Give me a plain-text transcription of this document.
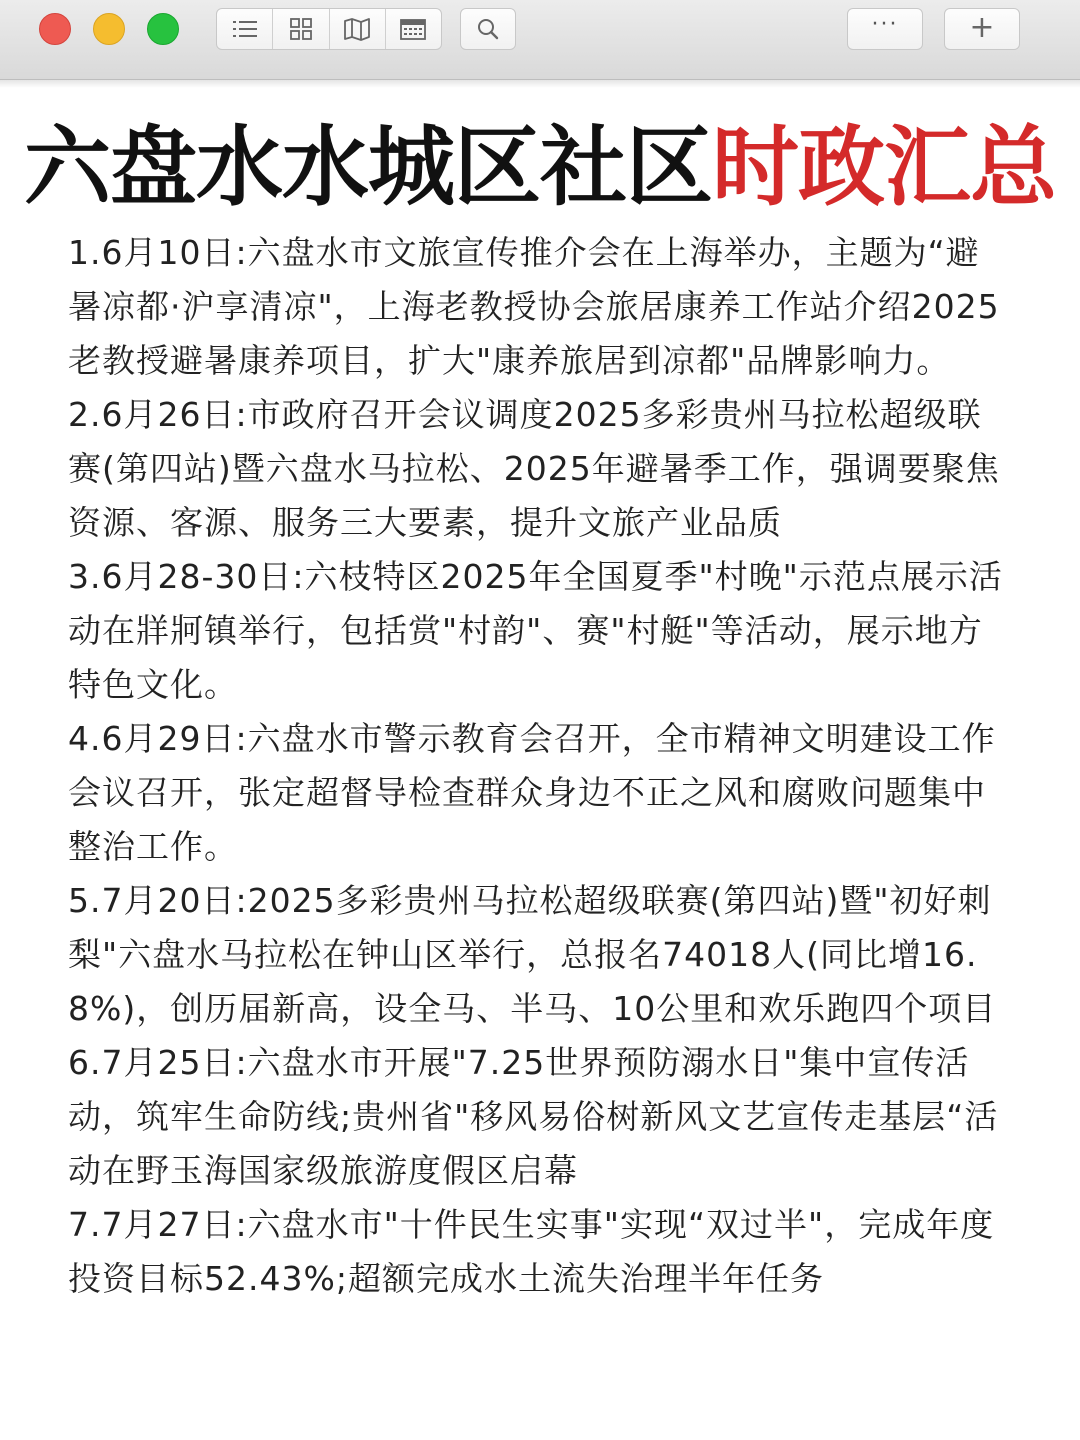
··· +
六盘水水城区社区时政汇总

1.6月10日:六盘水市文旅宣传推介会在上海举办，主题为“避暑凉都·沪享清凉"，上海老教授协会旅居康养工作站介绍2025老教授避暑康养项目，扩大"康养旅居到凉都"品牌影响力。

2.6月26日:市政府召开会议调度2025多彩贵州马拉松超级联赛(第四站)暨六盘水马拉松、2025年避暑季工作，强调要聚焦资源、客源、服务三大要素，提升文旅产业品质

3.6月28-30日:六枝特区2025年全国夏季"村晚"示范点展示活动在牂牁镇举行，包括赏"村韵"、赛"村艇"等活动，展示地方特色文化。

4.6月29日:六盘水市警示教育会召开，全市精神文明建设工作会议召开，张定超督导检查群众身边不正之风和腐败问题集中整治工作。

5.7月20日:2025多彩贵州马拉松超级联赛(第四站)暨"初好刺梨"六盘水马拉松在钟山区举行，总报名74018人(同比增16.8%)，创历届新高，设全马、半马、10公里和欢乐跑四个项目

6.7月25日:六盘水市开展"7.25世界预防溺水日"集中宣传活动，筑牢生命防线;贵州省"移风易俗树新风文艺宣传走基层“活动在野玉海国家级旅游度假区启幕

7.7月27日:六盘水市"十件民生实事"实现“双过半"，完成年度投资目标52.43%;超额完成水土流失治理半年任务
